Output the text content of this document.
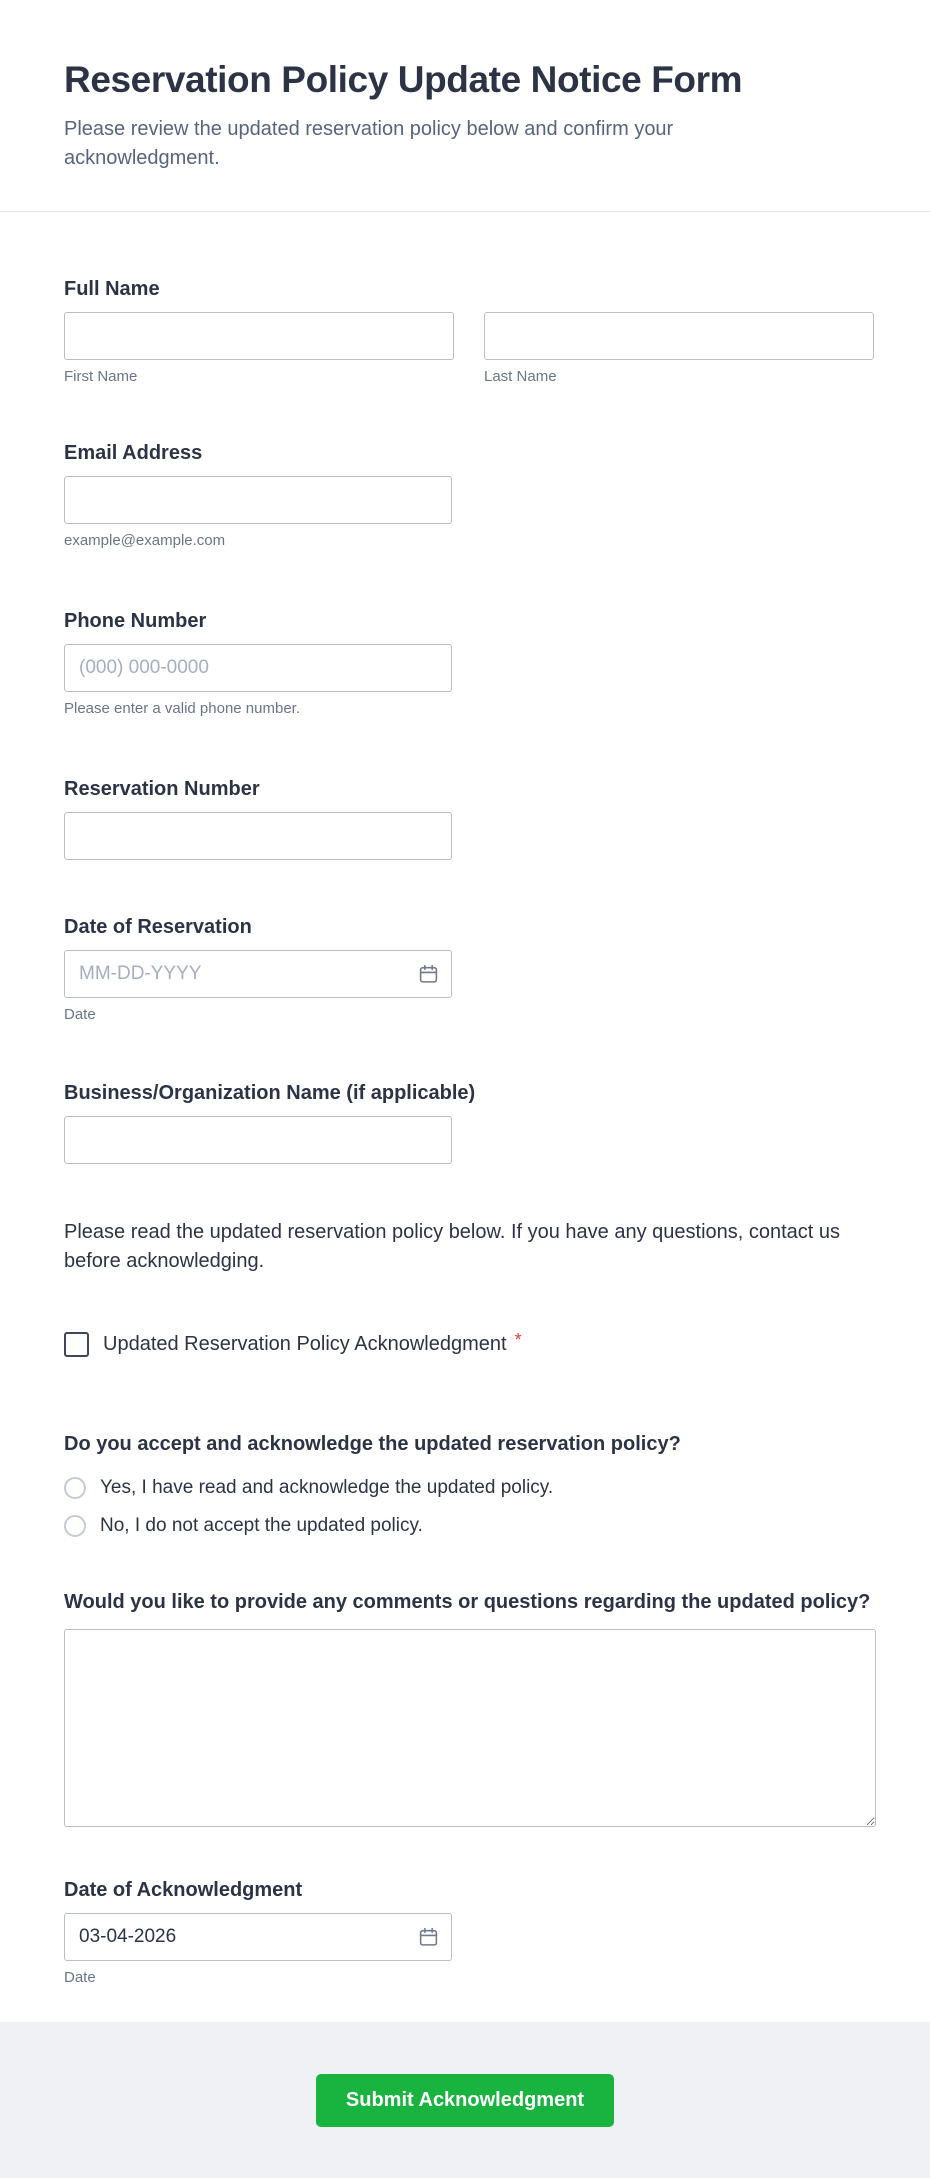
Reservation Policy Update Notice Form

Please review the updated reservation policy below and confirm your acknowledgment.

Full Name
First Name	Last Name
Email Address
example@example.com
Phone Number
(000) 000-0000
Please enter a valid phone number.
Reservation Number
Date of Reservation
MM-DD-YYYY
Date
Business/Organization Name (if applicable)

Please read the updated reservation policy below. If you have any questions, contact us before acknowledging.

Updated Reservation Policy Acknowledgment *
Do you accept and acknowledge the updated reservation policy?
Yes, I have read and acknowledge the updated policy.
No, I do not accept the updated policy.
Would you like to provide any comments or questions regarding the updated policy?
Date of Acknowledgment
03-04-2026
Date
Submit Acknowledgment
